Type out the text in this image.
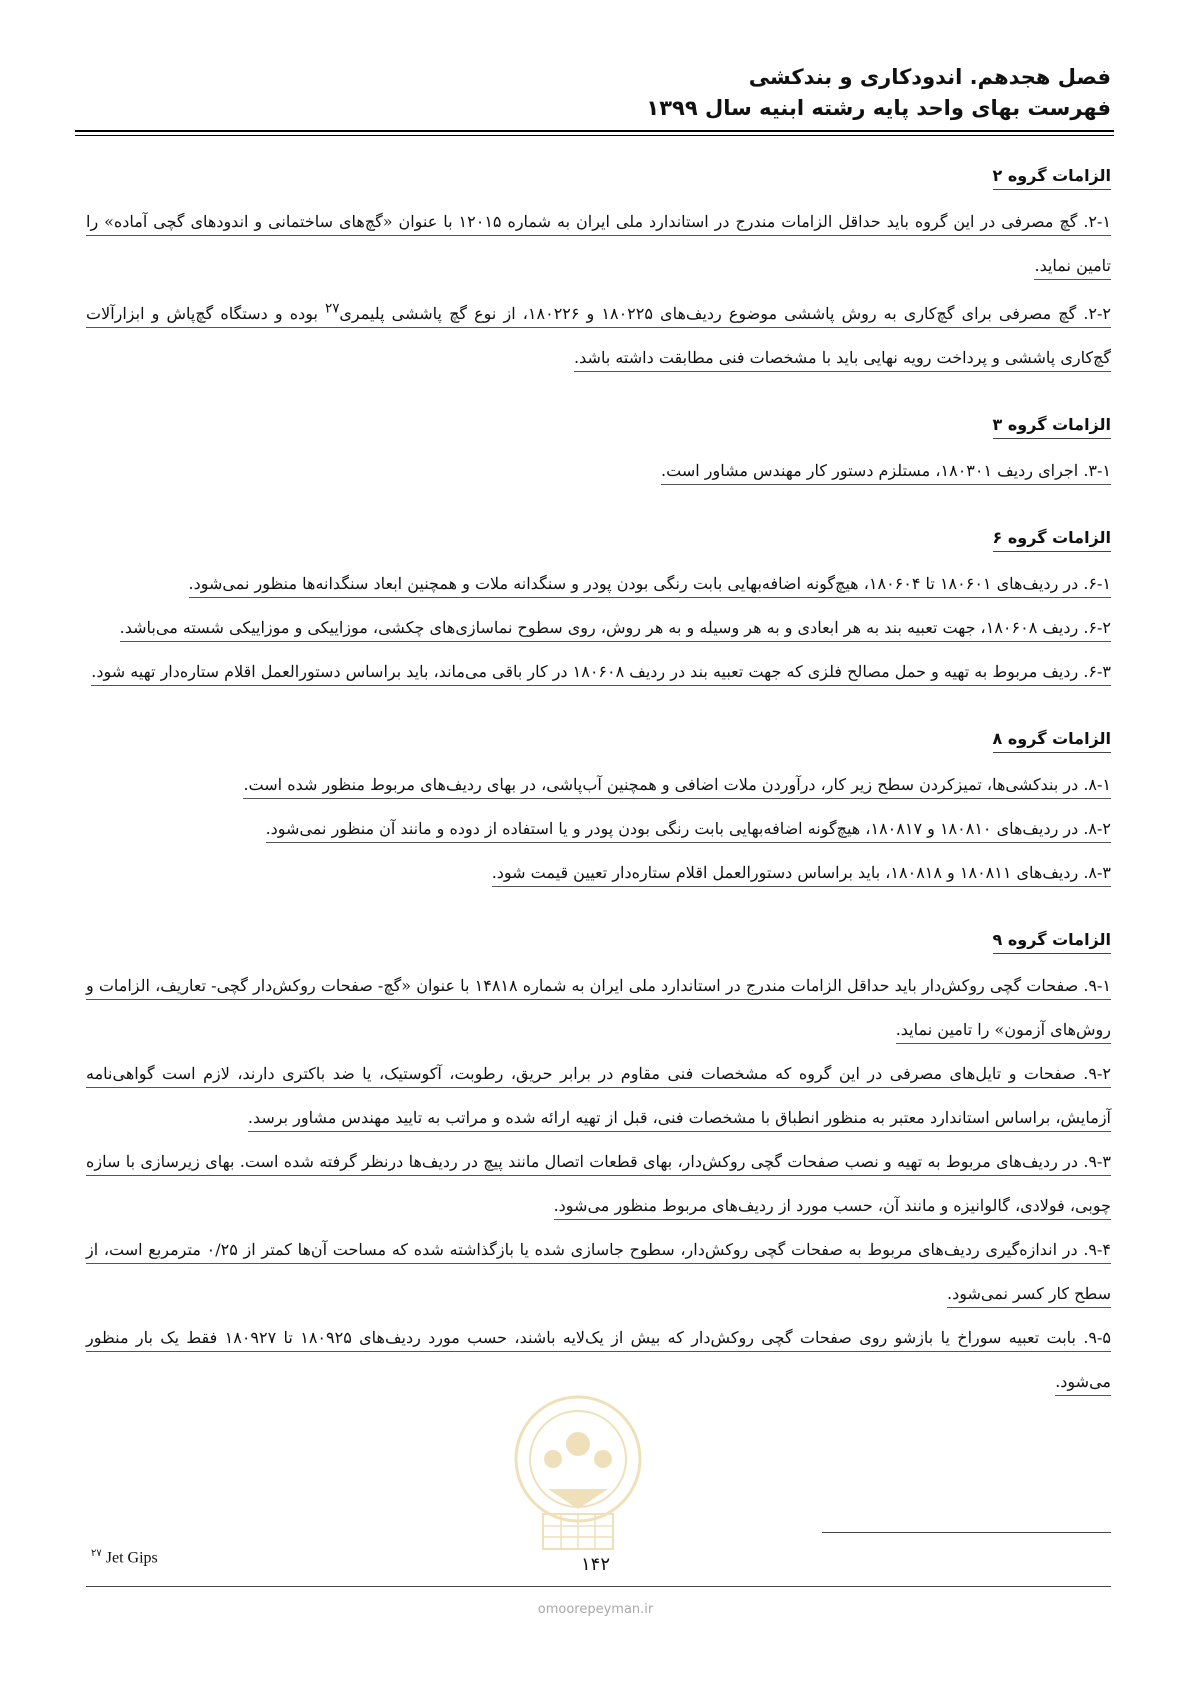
فصل هجدهم. اندودکاری و بندکشی
فهرست بهای واحد پایه رشته ابنیه سال ۱۳۹۹
الزامات گروه ۲
۲-۱. گچ مصرفی در این گروه باید حداقل الزامات مندرج در استاندارد ملی ایران به شماره ۱۲۰۱۵ با عنوان «گچ‌های ساختمانی و اندودهای گچی آماده» را تامین نماید.
۲-۲. گچ مصرفی برای گچ‌کاری به روش پاششی موضوع ردیف‌های ۱۸۰۲۲۵ و ۱۸۰۲۲۶، از نوع گچ پاششی پلیمری$^{۲۷}$ بوده و دستگاه گچ‌پاش و ابزارآلات گچ‌کاری پاششی و پرداخت رویه نهایی باید با مشخصات فنی مطابقت داشته باشد.
الزامات گروه ۳
۳-۱. اجرای ردیف ۱۸۰۳۰۱، مستلزم دستور کار مهندس مشاور است.
الزامات گروه ۶
۶-۱. در ردیف‌های ۱۸۰۶۰۱ تا ۱۸۰۶۰۴، هیچ‌گونه اضافه‌بهایی بابت رنگی بودن پودر و سنگدانه ملات و همچنین ابعاد سنگدانه‌ها منظور نمی‌شود.
۶-۲. ردیف ۱۸۰۶۰۸، جهت تعبیه بند به هر ابعادی و به هر وسیله و به هر روش، روی سطوح نماسازی‌های چکشی، موزاییکی و موزاییکی شسته می‌باشد.
۶-۳. ردیف مربوط به تهیه و حمل مصالح فلزی که جهت تعبیه بند در ردیف ۱۸۰۶۰۸ در کار باقی می‌ماند، باید براساس دستورالعمل اقلام ستاره‌دار تهیه شود.
الزامات گروه ۸
۸-۱. در بندکشی‌ها، تمیزکردن سطح زیر کار، درآوردن ملات اضافی و همچنین آب‌پاشی، در بهای ردیف‌های مربوط منظور شده است.
۸-۲. در ردیف‌های ۱۸۰۸۱۰ و ۱۸۰۸۱۷، هیچ‌گونه اضافه‌بهایی بابت رنگی بودن پودر و یا استفاده از دوده و مانند آن منظور نمی‌شود.
۸-۳. ردیف‌های ۱۸۰۸۱۱ و ۱۸۰۸۱۸، باید براساس دستورالعمل اقلام ستاره‌دار تعیین قیمت شود.
الزامات گروه ۹
۹-۱. صفحات گچی روکش‌دار باید حداقل الزامات مندرج در استاندارد ملی ایران به شماره ۱۴۸۱۸ با عنوان «گچ- صفحات روکش‌دار گچی- تعاریف، الزامات و روش‌های آزمون» را تامین نماید.
۹-۲. صفحات و تایل‌های مصرفی در این گروه که مشخصات فنی مقاوم در برابر حریق، رطوبت، آکوستیک، یا ضد باکتری دارند، لازم است گواهی‌نامه آزمایش، براساس استاندارد معتبر به منظور انطباق با مشخصات فنی، قبل از تهیه ارائه شده و مراتب به تایید مهندس مشاور برسد.
۹-۳. در ردیف‌های مربوط به تهیه و نصب صفحات گچی روکش‌دار، بهای قطعات اتصال مانند پیچ در ردیف‌ها درنظر گرفته شده است. بهای زیرسازی با سازه چوبی، فولادی، گالوانیزه و مانند آن، حسب مورد از ردیف‌های مربوط منظور می‌شود.
۹-۴. در اندازه‌گیری ردیف‌های مربوط به صفحات گچی روکش‌دار، سطوح جاسازی شده یا بازگذاشته شده که مساحت آن‌ها کمتر از ۰/۲۵ مترمربع است، از سطح کار کسر نمی‌شود.
۹-۵. بابت تعبیه سوراخ یا بازشو روی صفحات گچی روکش‌دار که بیش از یک‌لایه باشند، حسب مورد ردیف‌های ۱۸۰۹۲۵ تا ۱۸۰۹۲۷ فقط یک بار منظور می‌شود.
$^{۲۷}$ Jet Gips	۱۴۲
omoorepeyman.ir
